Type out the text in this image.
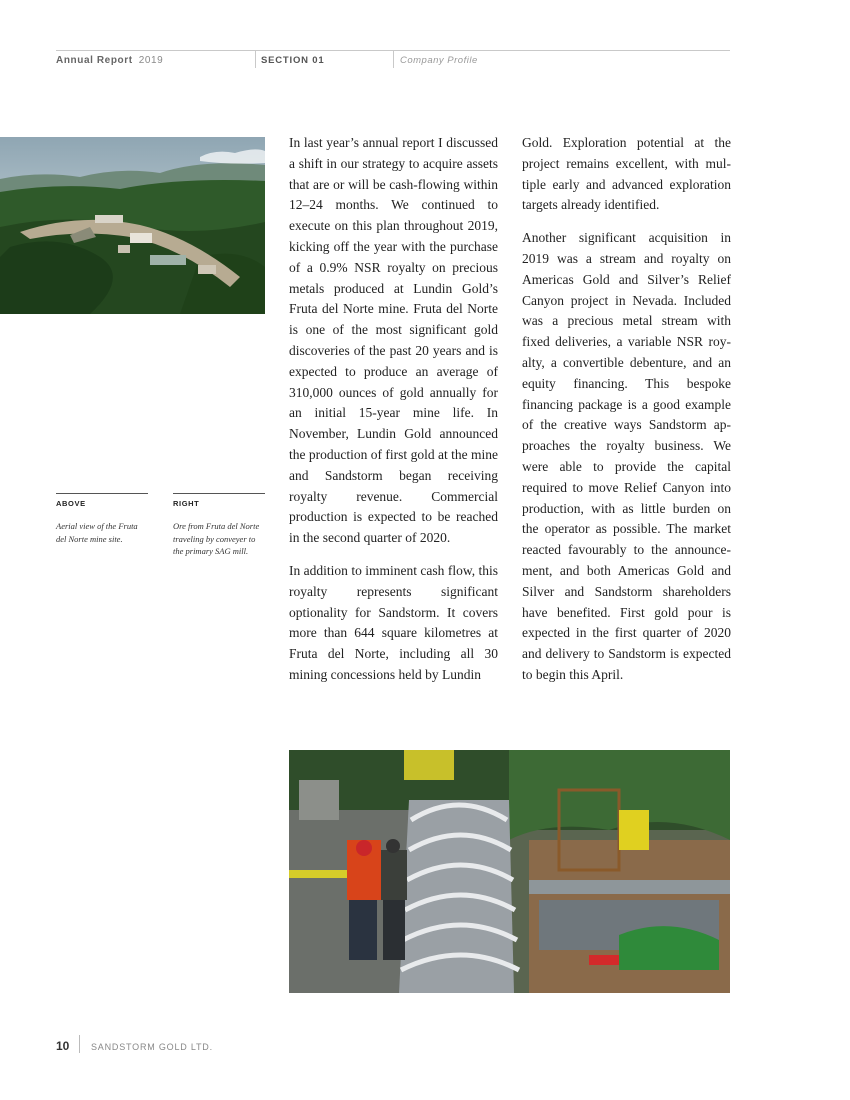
Annual Report 2019	SECTION 01	Company Profile
ABOVE	RIGHT
Aerial view of the Fruta del Norte mine site.
Ore from Fruta del Norte traveling by conveyer to the primary SAG mill.

In last year’s annual report I discussed a shift in our strategy to acquire assets that are or will be cash-flowing within 12–24 months. We continued to execute on this plan throughout 2019, kicking off the year with the purchase of a 0.9% NSR royalty on precious metals produced at Lundin Gold’s Fruta del Norte mine. Fruta del Norte is one of the most significant gold discoveries of the past 20 years and is expected to produce an average of 310,000 ounces of gold annually for an initial 15-year mine life. In November, Lundin Gold announced the production of first gold at the mine and Sandstorm began receiving royalty revenue. Commercial production is expected to be reached in the second quarter of 2020.

In addition to imminent cash flow, this royalty represents significant optionality for Sandstorm. It covers more than 644 square kilometres at Fruta del Norte, including all 30 mining concessions held by Lundin

Gold. Exploration potential at the project remains excellent, with multiple early and advanced exploration targets already identified.

Another significant acquisition in 2019 was a stream and royalty on Americas Gold and Silver’s Relief Canyon project in Nevada. Included was a precious metal stream with fixed deliveries, a variable NSR royalty, a convertible debenture, and an equity financing. This bespoke financing package is a good example of the creative ways Sandstorm approaches the royalty business. We were able to provide the capital required to move Relief Canyon into production, with as little burden on the operator as possible. The market reacted favourably to the announcement, and both Americas Gold and Silver and Sandstorm shareholders have benefited. First gold pour is expected in the first quarter of 2020 and delivery to Sandstorm is expected to begin this April.

10 SANDSTORM GOLD LTD.
